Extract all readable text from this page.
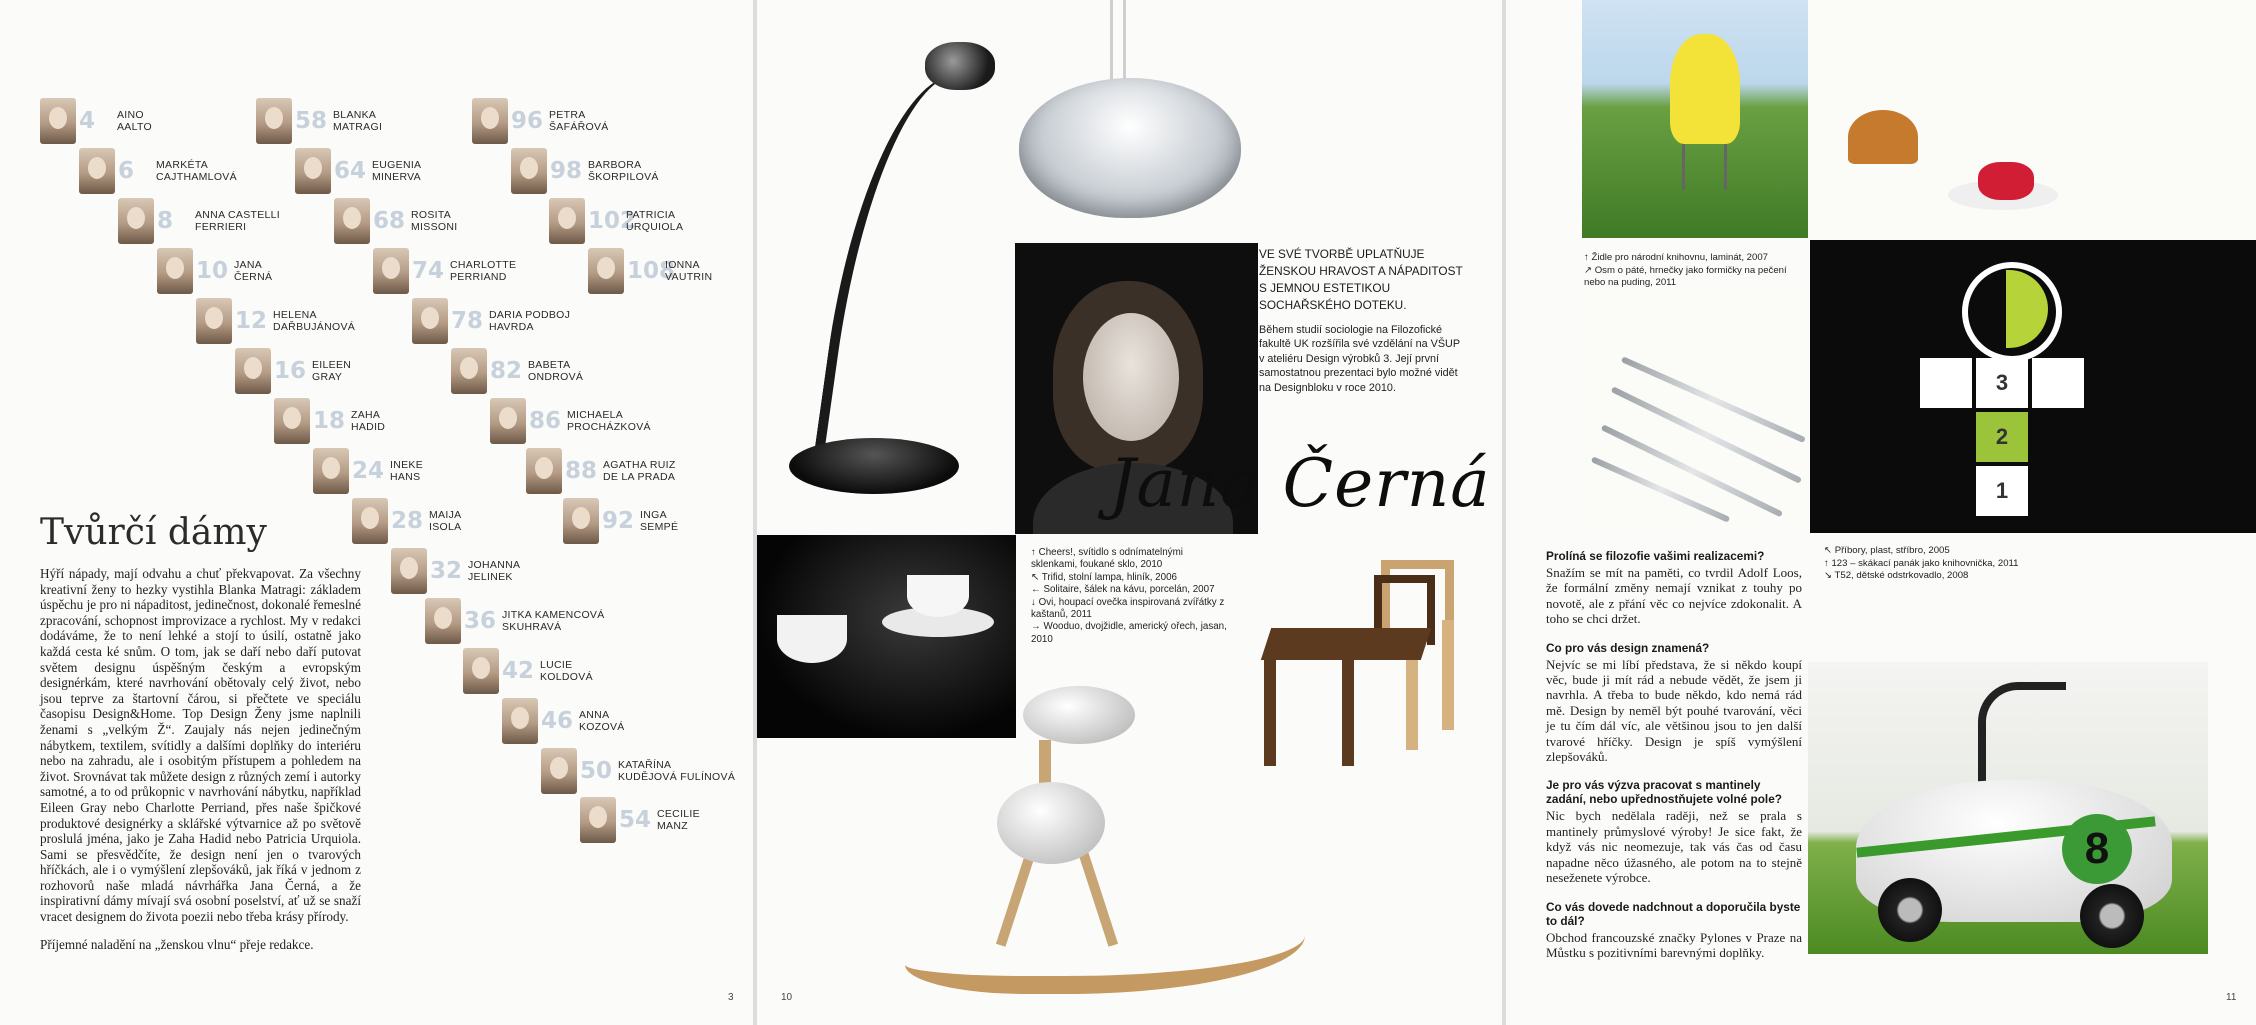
4	AINO
AALTO
6	MARKÉTA
CAJTHAMLOVÁ
8	ANNA CASTELLI
FERRIERI
10 JANA
ČERNÁ
12 HELENA
DAŘBUJÁNOVÁ
16 EILEEN
GRAY
18 ZAHA
HADID
24 INEKE
HANS
28 MAIJA
ISOLA
32 JOHANNA
JELINEK
36 JITKA KAMENCOVÁ
SKUHRAVÁ
42 LUCIE
KOLDOVÁ
46 ANNA
KOZOVÁ
50 KATAŘÍNA
KUDĚJOVÁ FULÍNOVÁ
54 CECILIE
MANZ
58 BLANKA
MATRAGI
64 EUGENIA
MINERVA
68 ROSITA
MISSONI
74 CHARLOTTE
PERRIAND
78 DARIA PODBOJ
HAVRDA
82 BABETA
ONDROVÁ
86 MICHAELA
PROCHÁZKOVÁ
88 AGATHA RUIZ
DE LA PRADA
92 INGA
SEMPÉ
96 PETRA
ŠAFÁŘOVÁ
98 BARBORA
ŠKORPILOVÁ
102
PATRICIA
URQUIOLA
108
IONNA
VAUTRIN
Tvůrčí dámy
Hýří nápady, mají odvahu a chuť překvapovat. Za všechny kreativní ženy to hezky vystihla Blanka Matragi: základem úspěchu je pro ni nápaditost, jedinečnost, dokonalé řemeslné zpracování, schopnost improvizace a rychlost. My v redakci dodáváme, že to není lehké a stojí to úsilí, ostatně jako každá cesta ké snům. O tom, jak se daří nebo daří putovat světem designu úspěšným českým a evropským designérkám, které navrhování obětovaly celý život, nebo jsou teprve za štartovní čárou, si přečtete ve speciálu časopisu Design&Home. Top Design Ženy jsme naplnili ženami s „velkým Ž“. Zaujaly nás nejen jedinečným nábytkem, textilem, svítidly a dalšími doplňky do interiéru nebo na zahradu, ale i osobitým přístupem a pohledem na život. Srovnávat tak můžete design z různých zemí i autorky samotné, a to od průkopnic v navrhování nábytku, například Eileen Gray nebo Charlotte Perriand, přes naše špičkové produktové designérky a sklářské výtvarnice až po světově proslulá jména, jako je Zaha Hadid nebo Patricia Urquiola. Sami se přesvědčíte, že design není jen o tvarových hříčkách, ale i o vymýšlení zlepšováků, jak říká v jednom z rozhovorů naše mladá návrhářka Jana Černá, a že inspirativní dámy mívají svá osobní poselství, ať už se snaží vracet designem do života poezii nebo třeba krásy přírody.
Příjemné naladění na „ženskou vlnu“ přeje redakce.
3
Jana Černá

VE SVÉ TVORBĚ UPLATŇUJE ŽENSKOU HRAVOST A NÁPADITOST S JEMNOU ESTETIKOU SOCHAŘSKÉHO DOTEKU.

Během studií sociologie na Filozofické fakultě UK rozšířila své vzdělání na VŠUP v ateliéru Design výrobků 3. Její první samostatnou prezentaci bylo možné vidět na Designbloku v roce 2010.

↑ Cheers!, svítidlo s odnímatelnými sklenkami, foukané sklo, 2010
↖ Trifid, stolní lampa, hliník, 2006
← Solitaire, šálek na kávu, porcelán, 2007
↓ Ovi, houpací ovečka inspirovaná zvířátky z kaštanů, 2011
→ Wooduo, dvojžidle, americký ořech, jasan, 2010
10
↑ Židle pro národní knihovnu, laminát, 2007
↗ Osm o páté, hrnečky jako formičky na pečení nebo na puding, 2011
3
2
1
↖ Příbory, plast, stříbro, 2005
↑ 123 – skákací panák jako knihovnička, 2011
↘ T52, dětské odstrkovadlo, 2008
Prolíná se filozofie vašimi realizacemi?

Snažím se mít na paměti, co tvrdil Adolf Loos, že formální změny nemají vznikat z touhy po novotě, ale z přání věc co nejvíce zdokonalit. A toho se chci držet.

Co pro vás design znamená?

Nejvíc se mi líbí představa, že si někdo koupí věc, bude ji mít rád a nebude vědět, že jsem ji navrhla. A třeba to bude někdo, kdo nemá rád mě. Design by neměl být pouhé tvarování, věci je tu čím dál víc, ale většinou jsou to jen další tvarové hříčky. Design je spíš vymýšlení zlepšováků.

Je pro vás výzva pracovat s mantinely zadání, nebo upřednostňujete volné pole?

Nic bych nedělala raději, než se prala s mantinely průmyslové výroby! Je sice fakt, že když vás nic neomezuje, tak vás čas od času napadne něco úžasného, ale potom na to stejně neseženete výrobce.

Co vás dovede nadchnout a doporučila byste to dál?

Obchod francouzské značky Pylones v Praze na Můstku s pozitivními barevnými doplňky.

8
11
